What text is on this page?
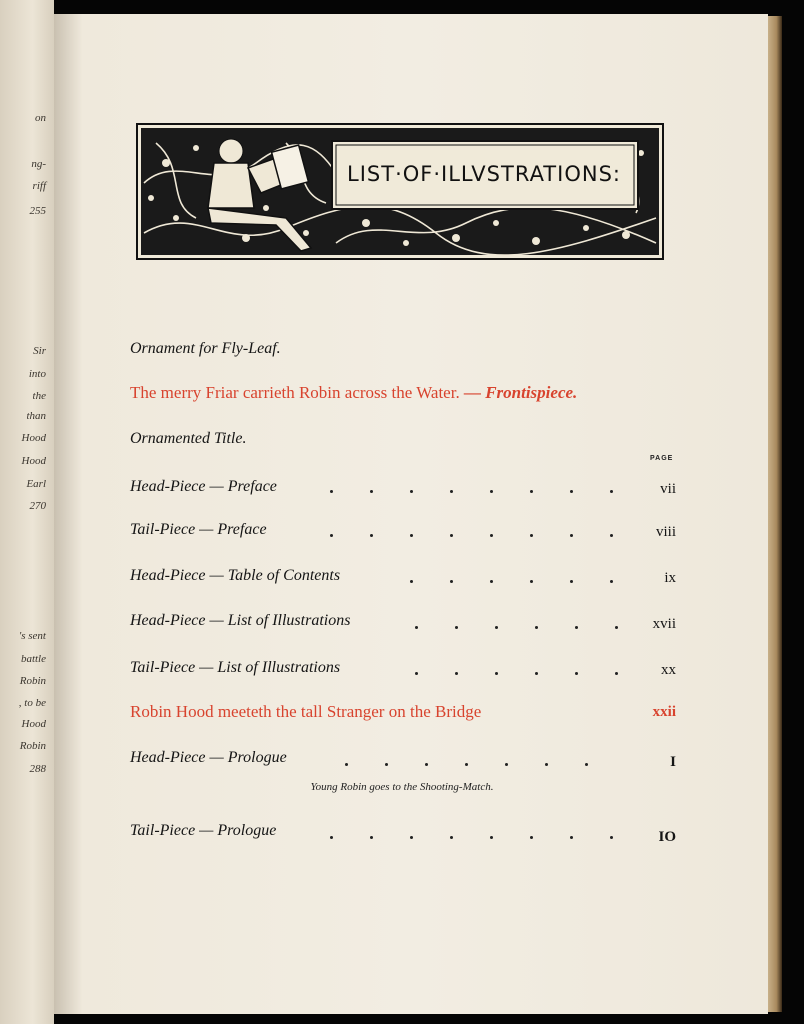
on
ng-
riff
255
Sir
into
the
than
Hood
Hood
Earl
270
's sent
battle
Robin
, to be
Hood
Robin
288
LIST·OF·ILLVSTRATIONS:
Ornament for Fly-Leaf.
The merry Friar carrieth Robin across the Water. — Frontispiece.
Ornamented Title.
PAGE
Head-Piece — Preface	vii
Tail-Piece — Preface	viii
Head-Piece — Table of Contents	ix
Head-Piece — List of Illustrations	xvii
Tail-Piece — List of Illustrations	xx
Robin Hood meeteth the tall Stranger on the Bridge	xxii
Head-Piece — Prologue	I
Young Robin goes to the Shooting-Match.
Tail-Piece — Prologue	IO
